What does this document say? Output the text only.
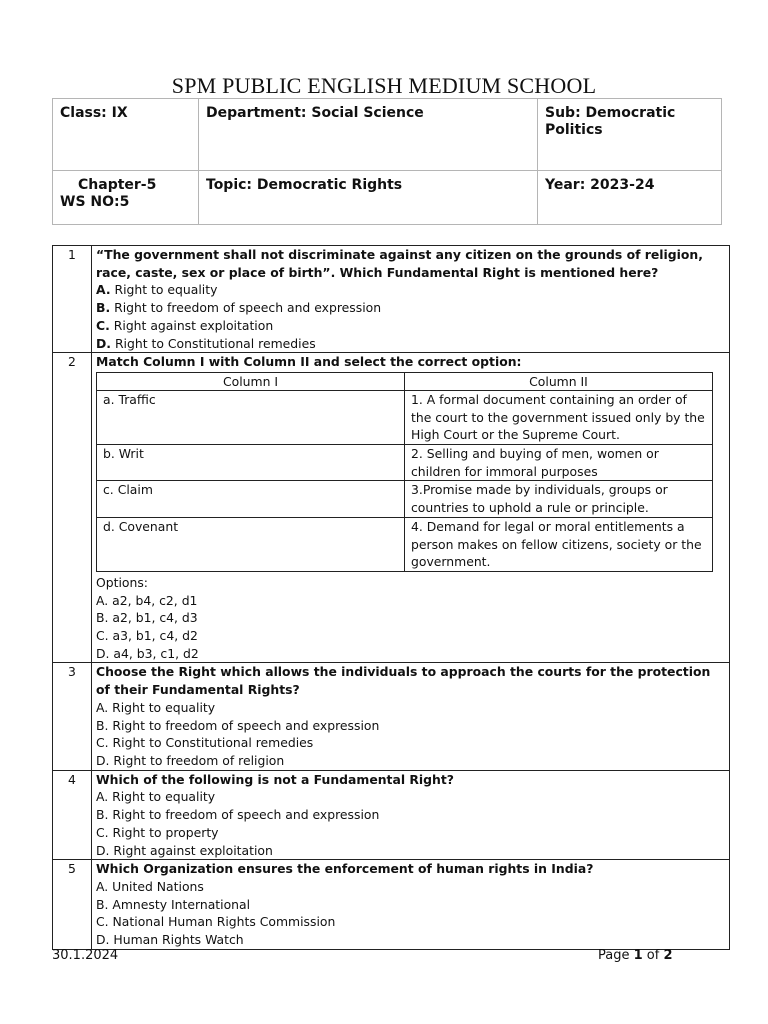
SPM PUBLIC ENGLISH MEDIUM SCHOOL
Class: IX	Department: Social Science	Sub: Democratic Politics

Chapter-5
WS NO:5	Topic: Democratic Rights	Year: 2023-24
1	“The government shall not discriminate against any citizen on the grounds of religion, race, caste, sex or place of birth”. Which Fundamental Right is mentioned here?
A. Right to equality
B. Right to freedom of speech and expression
C. Right against exploitation
D. Right to Constitutional remedies

2	Match Column I with Column II and select the correct option:
Column I	Column II
a. Traffic	1. A formal document containing an order of the court to the government issued only by the High Court or the Supreme Court.
b. Writ	2. Selling and buying of men, women or children for immoral purposes
c. Claim	3.Promise made by individuals, groups or countries to uphold a rule or principle.
d. Covenant	4. Demand for legal or moral entitlements a person makes on fellow citizens, society or the government.
Options:
A. a2, b4, c2, d1
B. a2, b1, c4, d3
C. a3, b1, c4, d2
D. a4, b3, c1, d2

3	Choose the Right which allows the individuals to approach the courts for the protection of their Fundamental Rights?
A. Right to equality
B. Right to freedom of speech and expression
C. Right to Constitutional remedies
D. Right to freedom of religion

4	Which of the following is not a Fundamental Right?
A. Right to equality
B. Right to freedom of speech and expression
C. Right to property
D. Right against exploitation

5	Which Organization ensures the enforcement of human rights in India?
A. United Nations
B. Amnesty International
C. National Human Rights Commission
D. Human Rights Watch
30.1.2024	Page 1 of 2
